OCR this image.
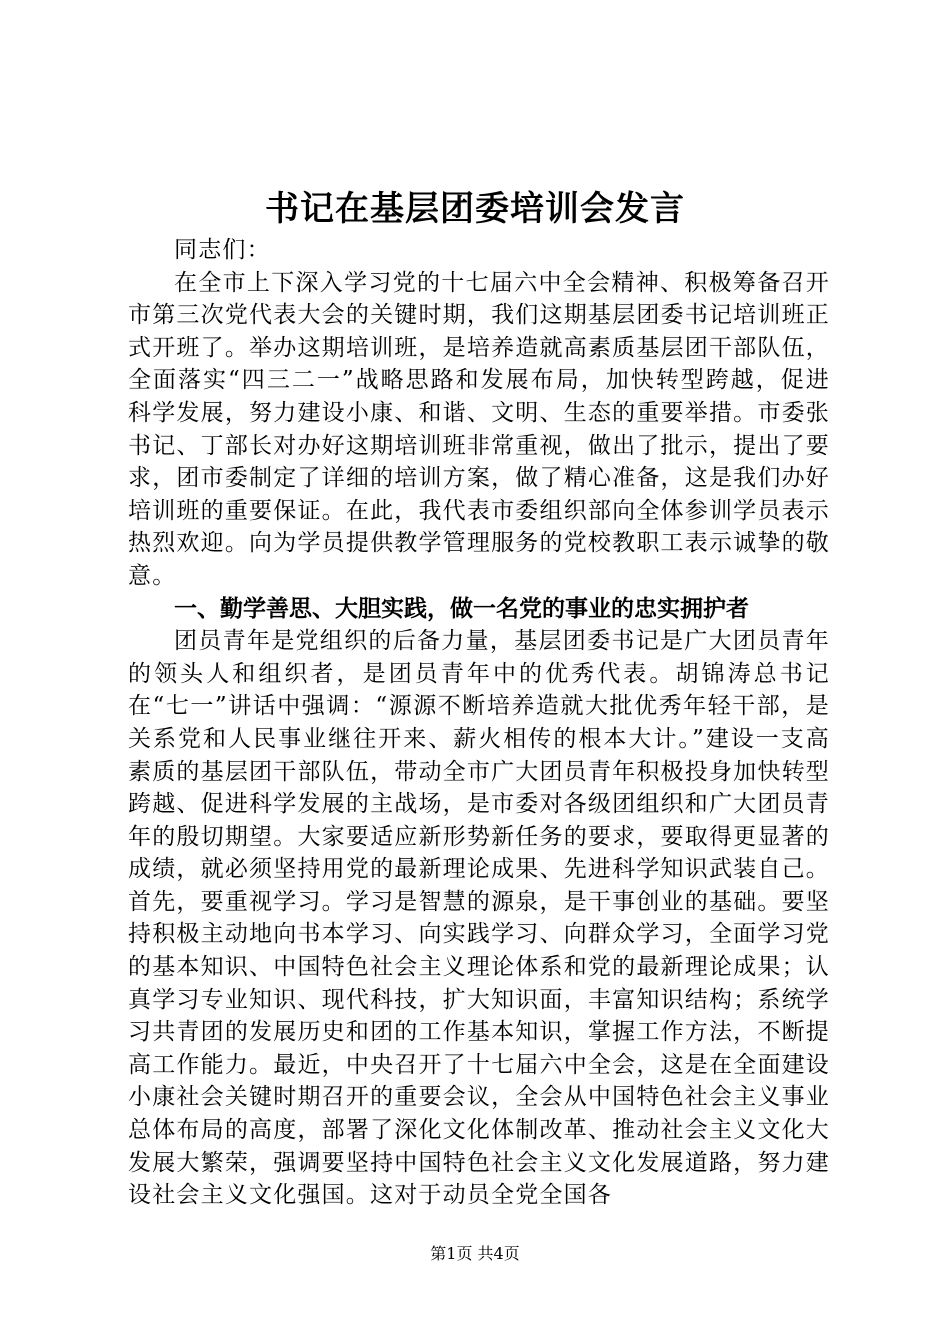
书记在基层团委培训会发言

同志们：

在全市上下深入学习党的十七届六中全会精神、积极筹备召开市第三次党代表大会的关键时期，我们这期基层团委书记培训班正式开班了。举办这期培训班，是培养造就高素质基层团干部队伍，全面落实“四三二一”战略思路和发展布局，加快转型跨越，促进科学发展，努力建设小康、和谐、文明、生态的重要举措。市委张书记、丁部长对办好这期培训班非常重视，做出了批示，提出了要求，团市委制定了详细的培训方案，做了精心准备，这是我们办好培训班的重要保证。在此，我代表市委组织部向全体参训学员表示热烈欢迎。向为学员提供教学管理服务的党校教职工表示诚挚的敬意。

一、勤学善思、大胆实践，做一名党的事业的忠实拥护者

团员青年是党组织的后备力量，基层团委书记是广大团员青年的领头人和组织者，是团员青年中的优秀代表。胡锦涛总书记在“七一”讲话中强调：“源源不断培养造就大批优秀年轻干部，是关系党和人民事业继往开来、薪火相传的根本大计。”建设一支高素质的基层团干部队伍，带动全市广大团员青年积极投身加快转型跨越、促进科学发展的主战场，是市委对各级团组织和广大团员青年的殷切期望。大家要适应新形势新任务的要求，要取得更显著的成绩，就必须坚持用党的最新理论成果、先进科学知识武装自己。首先，要重视学习。学习是智慧的源泉，是干事创业的基础。要坚持积极主动地向书本学习、向实践学习、向群众学习，全面学习党的基本知识、中国特色社会主义理论体系和党的最新理论成果；认真学习专业知识、现代科技，扩大知识面，丰富知识结构；系统学习共青团的发展历史和团的工作基本知识，掌握工作方法，不断提高工作能力。最近，中央召开了十七届六中全会，这是在全面建设小康社会关键时期召开的重要会议，全会从中国特色社会主义事业总体布局的高度，部署了深化文化体制改革、推动社会主义文化大发展大繁荣，强调要坚持中国特色社会主义文化发展道路，努力建设社会主义文化强国。这对于动员全党全国各

第1页 共4页
